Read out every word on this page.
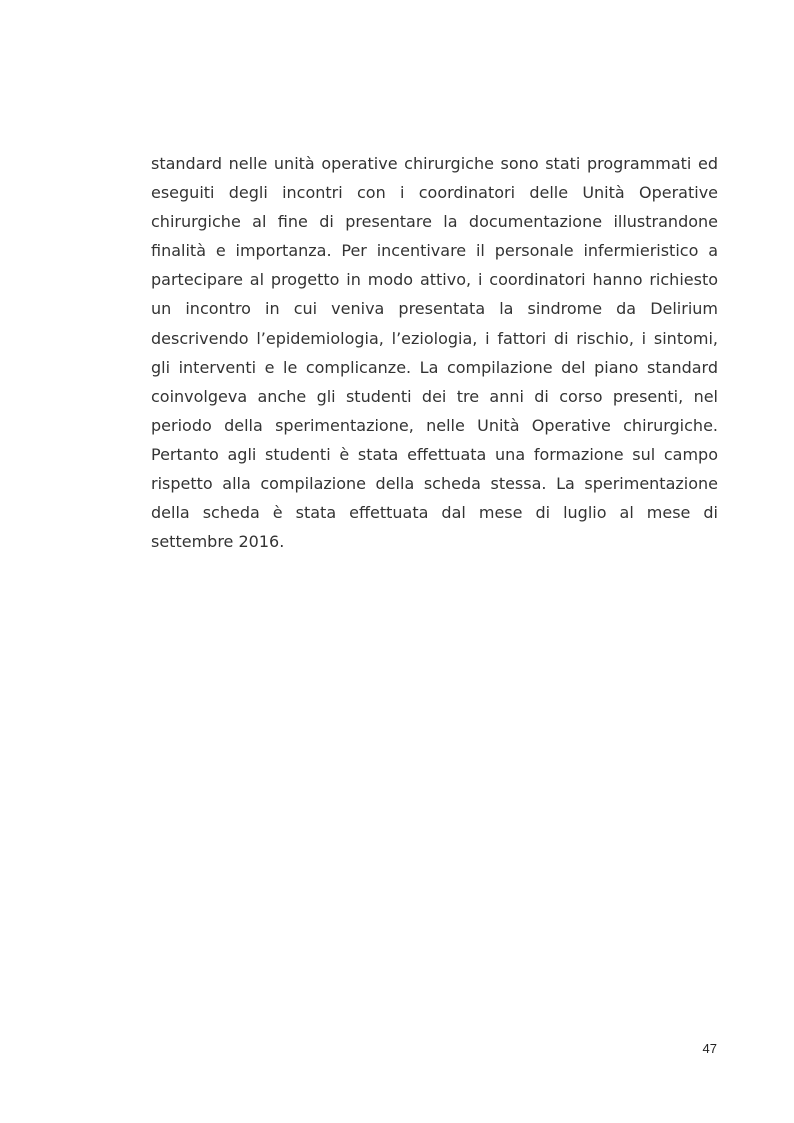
standard nelle unità operative chirurgiche sono stati programmati ed eseguiti degli incontri con i coordinatori delle Unità Operative chirurgiche al fine di presentare la documentazione illustrandone finalità e importanza. Per incentivare il personale infermieristico a partecipare al progetto in modo attivo, i coordinatori hanno richiesto un incontro in cui veniva presentata la sindrome da Delirium descrivendo l’epidemiologia, l’eziologia, i fattori di rischio, i sintomi, gli interventi e le complicanze. La compilazione del piano standard coinvolgeva anche gli studenti dei tre anni di corso presenti, nel periodo della sperimentazione, nelle Unità Operative chirurgiche. Pertanto agli studenti è stata effettuata una formazione sul campo rispetto alla compilazione della scheda stessa. La sperimentazione della scheda è stata effettuata dal mese di luglio al mese di settembre 2016.

47
